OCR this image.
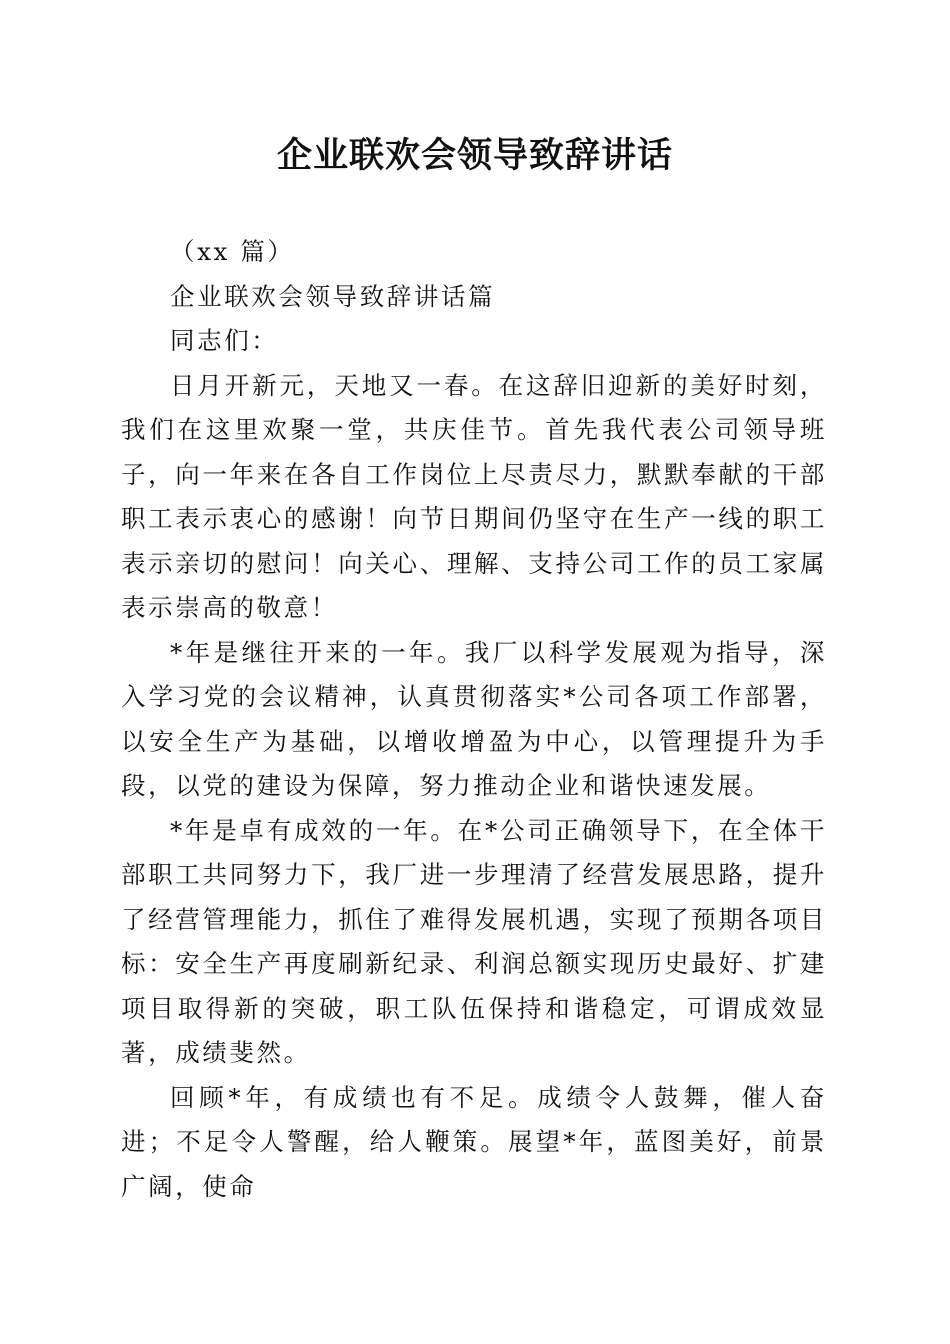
企业联欢会领导致辞讲话

（xx 篇）

企业联欢会领导致辞讲话篇

同志们：

日月开新元，天地又一春。在这辞旧迎新的美好时刻，我们在这里欢聚一堂，共庆佳节。首先我代表公司领导班子，向一年来在各自工作岗位上尽责尽力，默默奉献的干部职工表示衷心的感谢！向节日期间仍坚守在生产一线的职工表示亲切的慰问！向关心、理解、支持公司工作的员工家属表示崇高的敬意！

*年是继往开来的一年。我厂以科学发展观为指导，深入学习党的会议精神，认真贯彻落实*公司各项工作部署，以安全生产为基础，以增收增盈为中心，以管理提升为手段，以党的建设为保障，努力推动企业和谐快速发展。

*年是卓有成效的一年。在*公司正确领导下，在全体干部职工共同努力下，我厂进一步理清了经营发展思路，提升了经营管理能力，抓住了难得发展机遇，实现了预期各项目标：安全生产再度刷新纪录、利润总额实现历史最好、扩建项目取得新的突破，职工队伍保持和谐稳定，可谓成效显著，成绩斐然。

回顾*年，有成绩也有不足。成绩令人鼓舞，催人奋进；不足令人警醒，给人鞭策。展望*年，蓝图美好，前景广阔，使命
